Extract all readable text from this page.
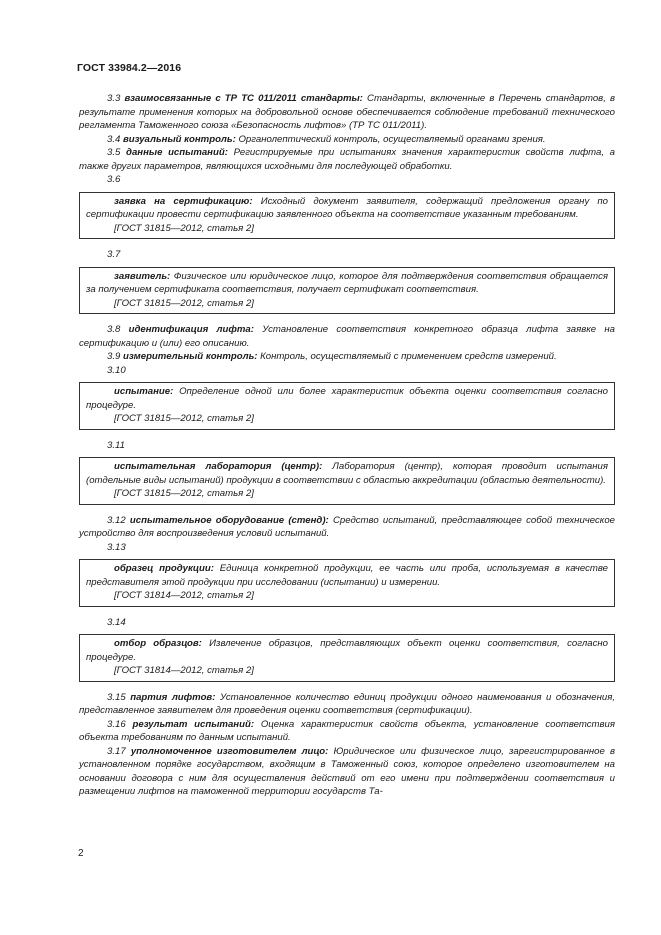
ГОСТ 33984.2—2016

3.3 взаимосвязанные с ТР ТС 011/2011 стандарты: Стандарты, включенные в Перечень стандартов, в результате применения которых на добровольной основе обеспечивается соблюдение требований технического регламента Таможенного союза «Безопасность лифтов» (ТР ТС 011/2011).

3.4 визуальный контроль: Органолептический контроль, осуществляемый органами зрения.

3.5 данные испытаний: Регистрируемые при испытаниях значения характеристик свойств лифта, а также других параметров, являющихся исходными для последующей обработки.

3.6

заявка на сертификацию: Исходный документ заявителя, содержащий предложения органу по сертификации провести сертификацию заявленного объекта на соответствие указанным требованиям.

[ГОСТ 31815—2012, статья 2]

3.7

заявитель: Физическое или юридическое лицо, которое для подтверждения соответствия обращается за получением сертификата соответствия, получает сертификат соответствия.

[ГОСТ 31815—2012, статья 2]

3.8 идентификация лифта: Установление соответствия конкретного образца лифта заявке на сертификацию и (или) его описанию.

3.9 измерительный контроль: Контроль, осуществляемый с применением средств измерений.

3.10

испытание: Определение одной или более характеристик объекта оценки соответствия согласно процедуре.

[ГОСТ 31815—2012, статья 2]

3.11

испытательная лаборатория (центр): Лаборатория (центр), которая проводит испытания (отдельные виды испытаний) продукции в соответствии с областью аккредитации (областью деятельности).

[ГОСТ 31815—2012, статья 2]

3.12 испытательное оборудование (стенд): Средство испытаний, представляющее собой техническое устройство для воспроизведения условий испытаний.

3.13

образец продукции: Единица конкретной продукции, ее часть или проба, используемая в качестве представителя этой продукции при исследовании (испытании) и измерении.

[ГОСТ 31814—2012, статья 2]

3.14

отбор образцов: Извлечение образцов, представляющих объект оценки соответствия, согласно процедуре.

[ГОСТ 31814—2012, статья 2]

3.15 партия лифтов: Установленное количество единиц продукции одного наименования и обозначения, представленное заявителем для проведения оценки соответствия (сертификации).

3.16 результат испытаний: Оценка характеристик свойств объекта, установление соответствия объекта требованиям по данным испытаний.

3.17 уполномоченное изготовителем лицо: Юридическое или физическое лицо, зарегистрированное в установленном порядке государством, входящим в Таможенный союз, которое определено изготовителем на основании договора с ним для осуществления действий от его имени при подтверждении соответствия и размещении лифтов на таможенной территории государств Та-

2
